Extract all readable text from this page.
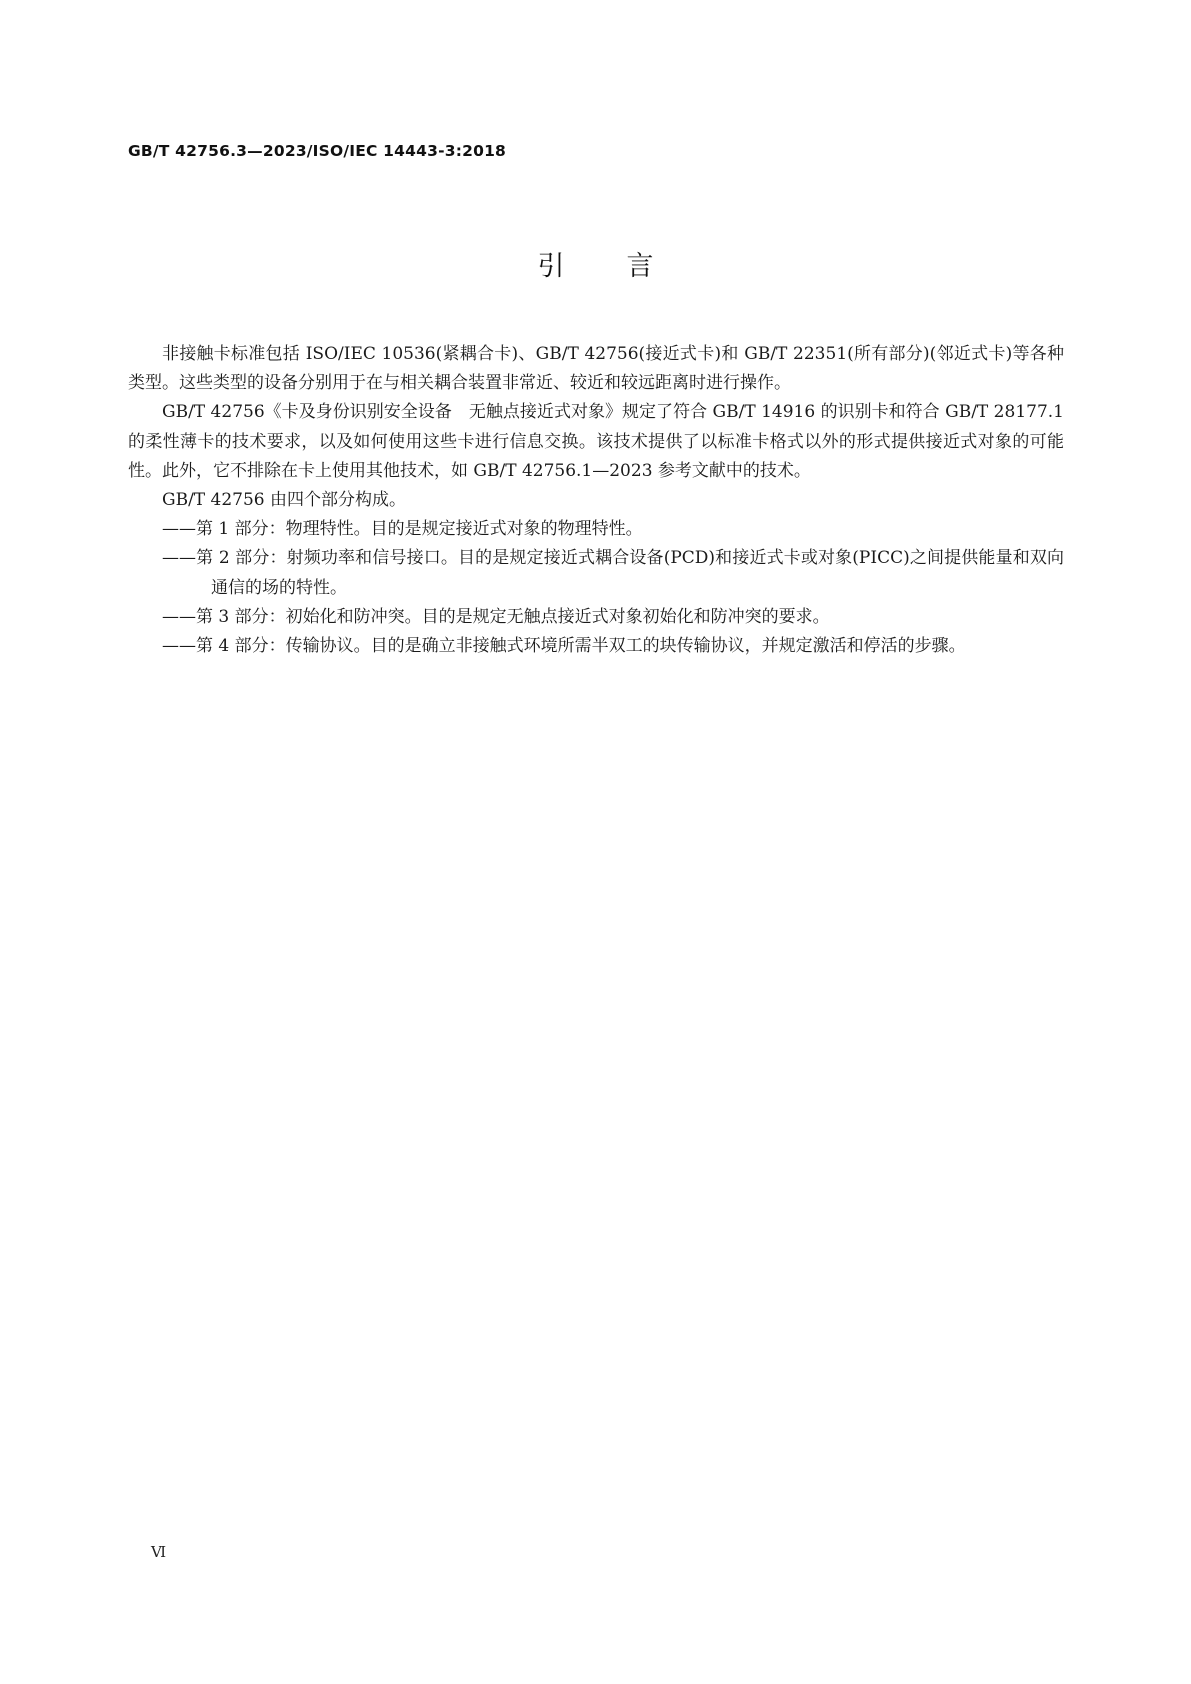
GB/T 42756.3—2023/ISO/IEC 14443-3:2018
引言

非接触卡标准包括 ISO/IEC 10536(紧耦合卡)、GB/T 42756(接近式卡)和 GB/T 22351(所有部分)(邻近式卡)等各种类型。这些类型的设备分别用于在与相关耦合装置非常近、较近和较远距离时进行操作。

GB/T 42756《卡及身份识别安全设备　无触点接近式对象》规定了符合 GB/T 14916 的识别卡和符合 GB/T 28177.1 的柔性薄卡的技术要求，以及如何使用这些卡进行信息交换。该技术提供了以标准卡格式以外的形式提供接近式对象的可能性。此外，它不排除在卡上使用其他技术，如 GB/T 42756.1—2023 参考文献中的技术。

GB/T 42756 由四个部分构成。

——第 1 部分：物理特性。目的是规定接近式对象的物理特性。

——第 2 部分：射频功率和信号接口。目的是规定接近式耦合设备(PCD)和接近式卡或对象(PICC)之间提供能量和双向通信的场的特性。

——第 3 部分：初始化和防冲突。目的是规定无触点接近式对象初始化和防冲突的要求。

——第 4 部分：传输协议。目的是确立非接触式环境所需半双工的块传输协议，并规定激活和停活的步骤。

Ⅵ
